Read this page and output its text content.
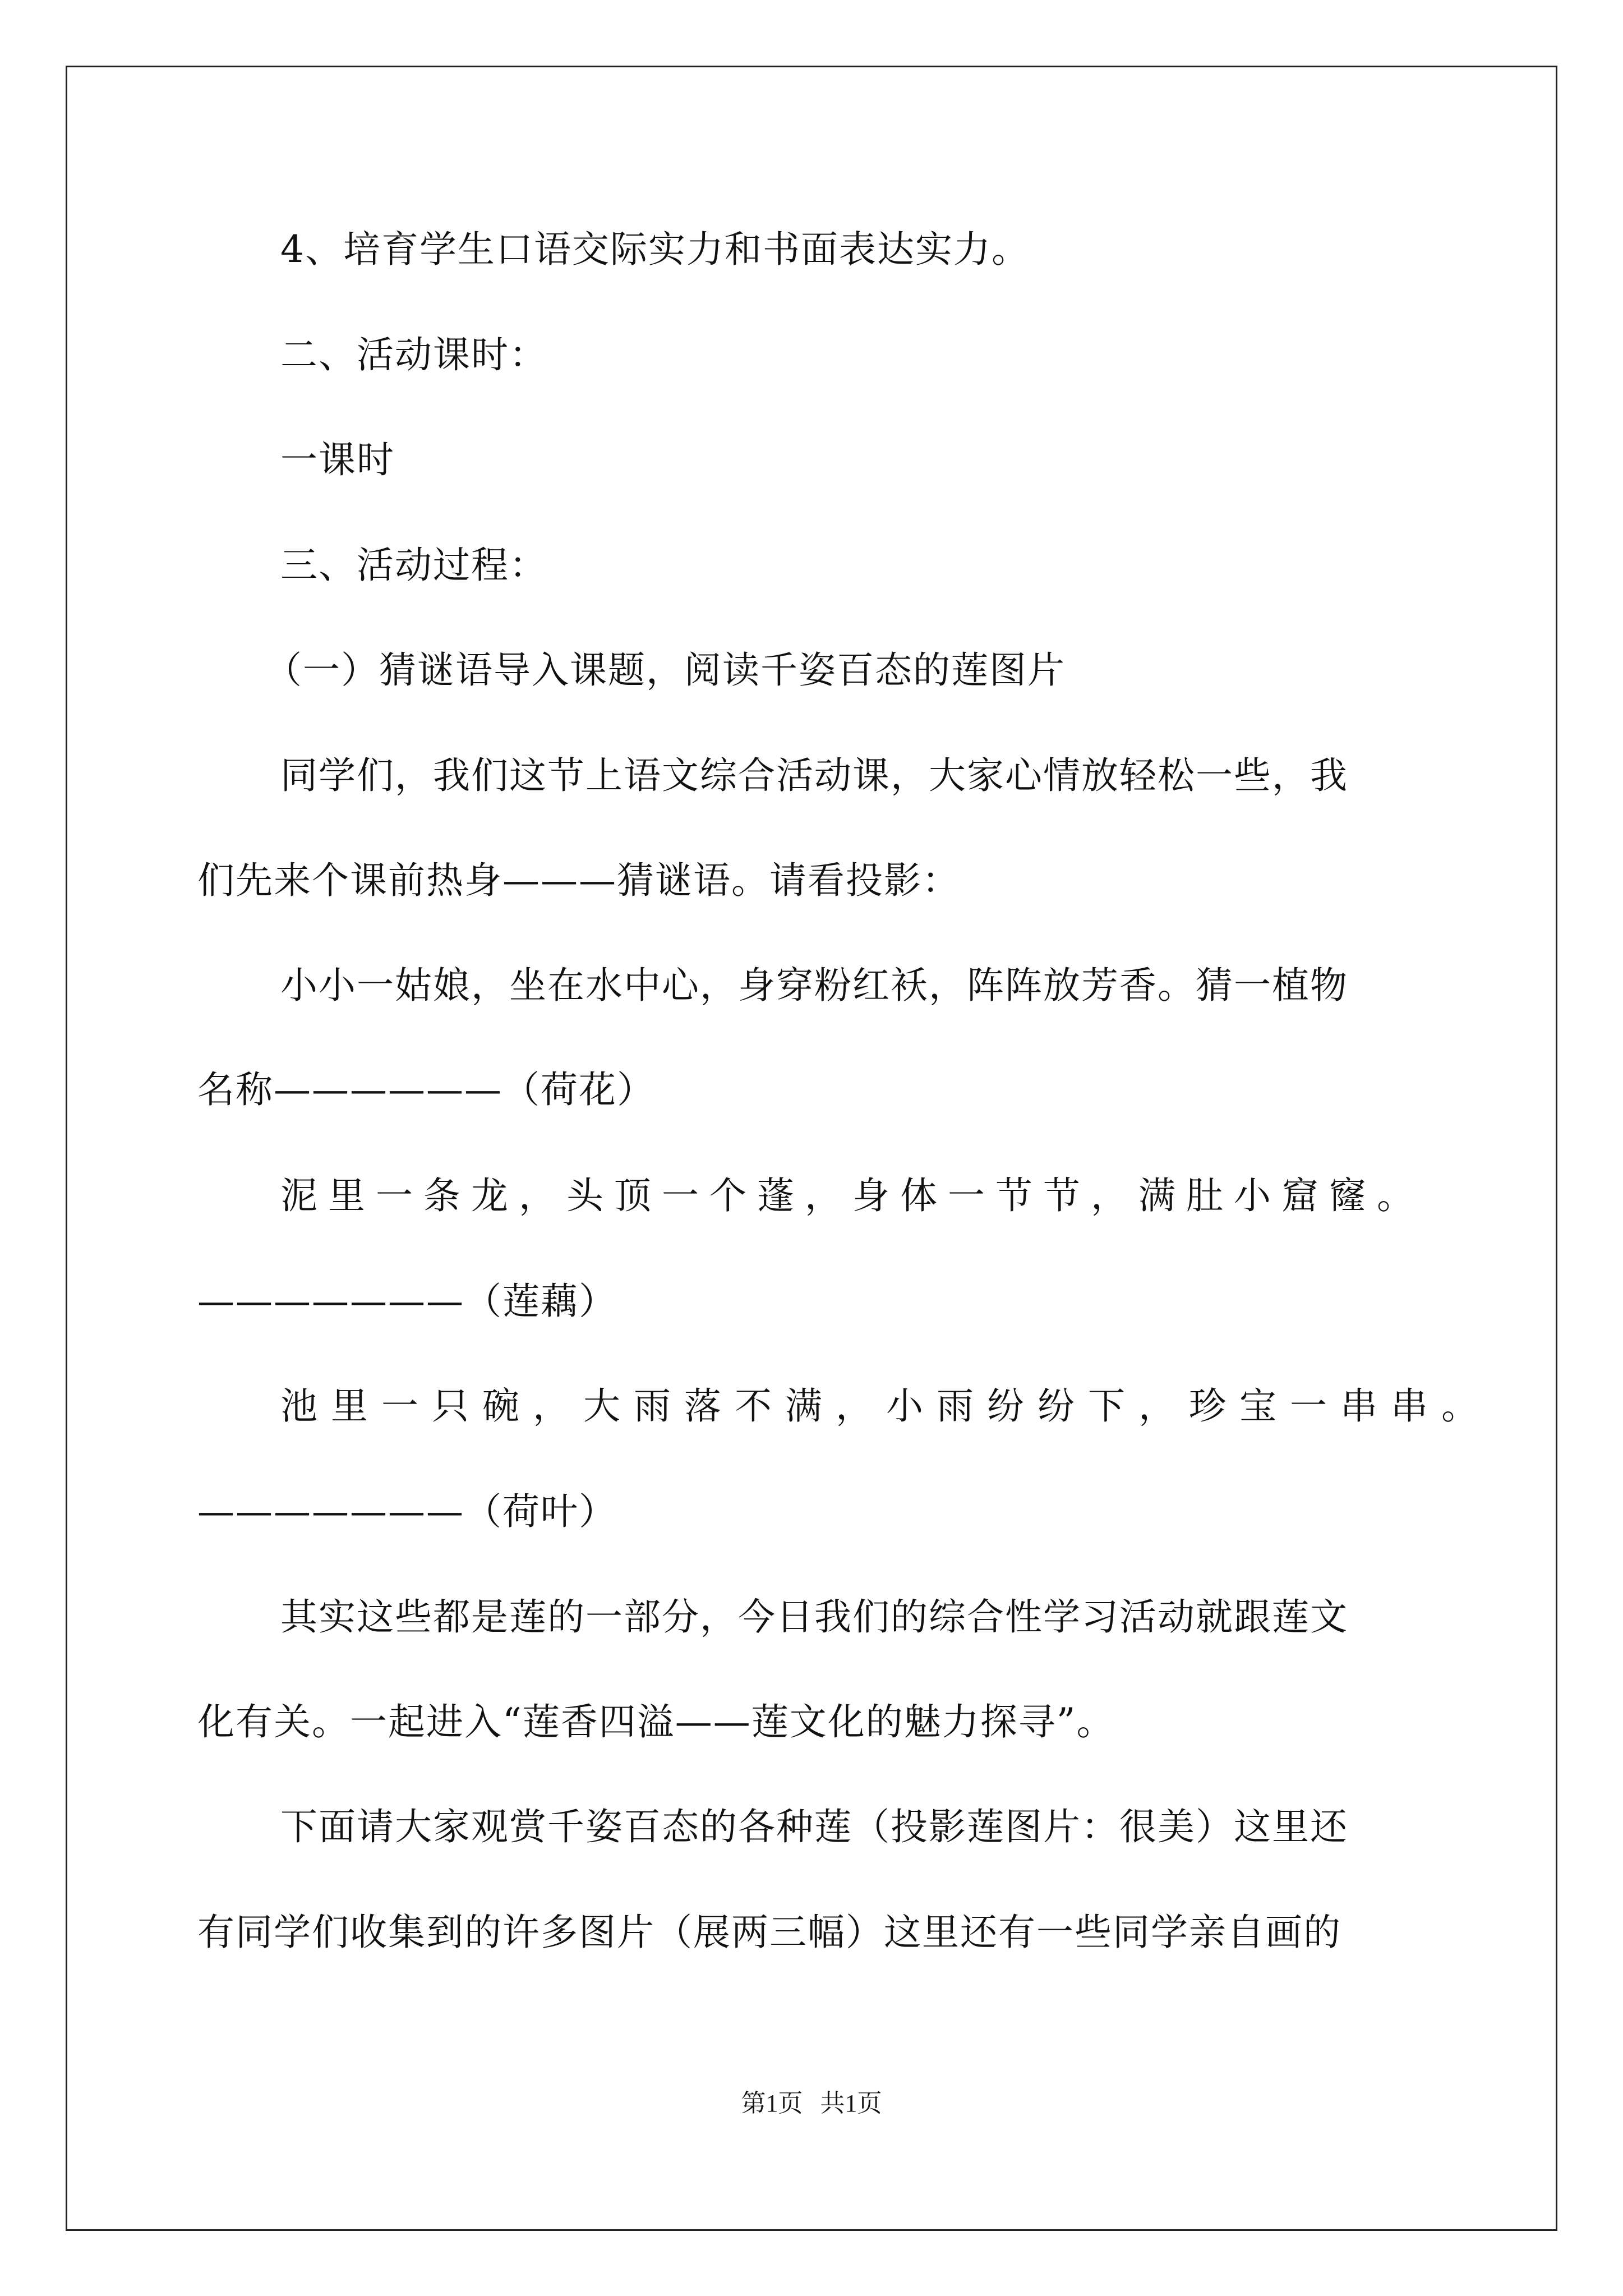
4、培育学生口语交际实力和书面表达实力。
二、活动课时：
一课时
三、活动过程：
（一）猜谜语导入课题，阅读千姿百态的莲图片
同学们，我们这节上语文综合活动课，大家心情放轻松一些，我
们先来个课前热身———猜谜语。请看投影：
小小一姑娘，坐在水中心，身穿粉红袄，阵阵放芳香。猜一植物
名称——————（荷花）
泥里一条龙，头顶一个蓬，身体一节节，满肚小窟窿。
———————（莲藕）
池里一只碗，大雨落不满，小雨纷纷下，珍宝一串串。
———————（荷叶）
其实这些都是莲的一部分，今日我们的综合性学习活动就跟莲文
化有关。一起进入“莲香四溢——莲文化的魅力探寻”。
下面请大家观赏千姿百态的各种莲（投影莲图片：很美）这里还
有同学们收集到的许多图片（展两三幅）这里还有一些同学亲自画的
第1页 共1页
